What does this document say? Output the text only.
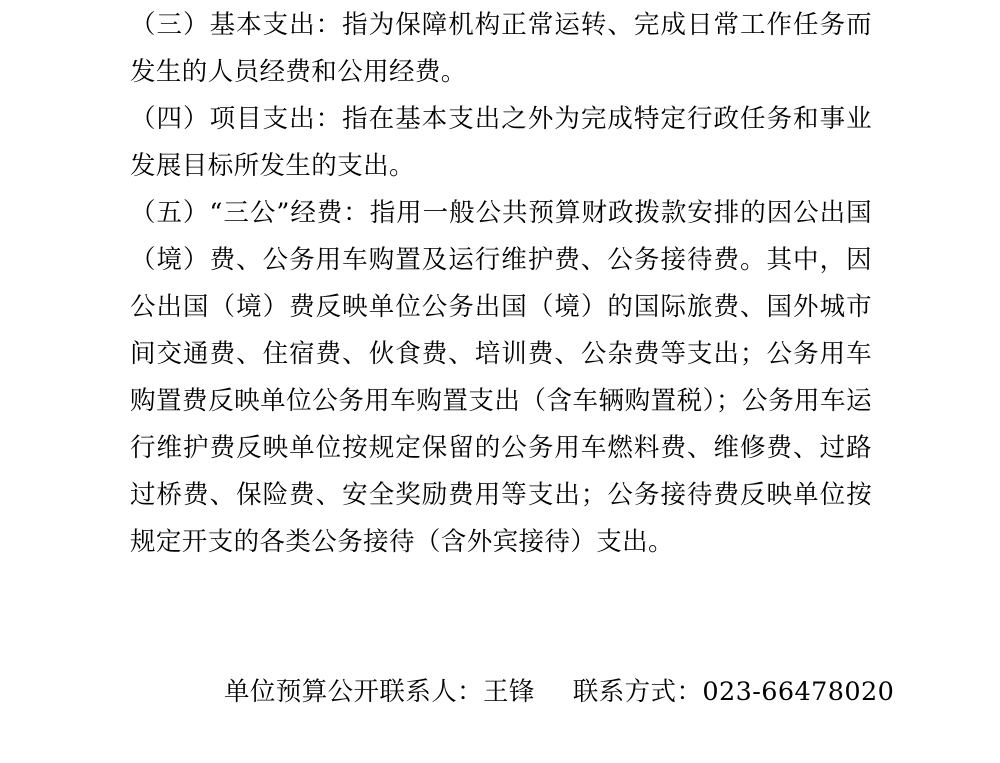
（三）基本支出：指为保障机构正常运转、完成日常工作任务而发生的人员经费和公用经费。

（四）项目支出：指在基本支出之外为完成特定行政任务和事业发展目标所发生的支出。

（五）“三公”经费：指用一般公共预算财政拨款安排的因公出国（境）费、公务用车购置及运行维护费、公务接待费。其中，因公出国（境）费反映单位公务出国（境）的国际旅费、国外城市间交通费、住宿费、伙食费、培训费、公杂费等支出；公务用车购置费反映单位公务用车购置支出（含车辆购置税）；公务用车运行维护费反映单位按规定保留的公务用车燃料费、维修费、过路过桥费、保险费、安全奖励费用等支出；公务接待费反映单位按规定开支的各类公务接待（含外宾接待）支出。

单位预算公开联系人：王锋 联系方式：023-66478020
